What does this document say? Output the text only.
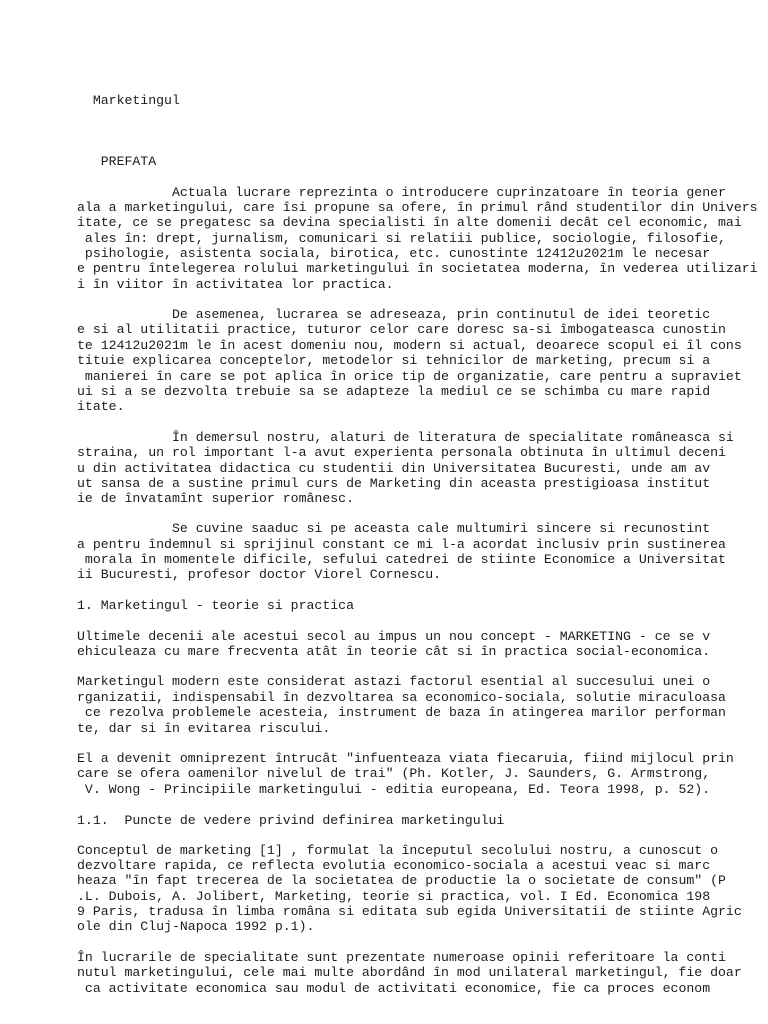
Marketingul

PREFATA

Actuala lucrare reprezinta o introducere cuprinzatoare în teoria gener

ala a marketingului, care îsi propune sa ofere, în primul rând studentilor din Univers

itate, ce se pregatesc sa devina specialisti în alte domenii decât cel economic, mai

ales în: drept, jurnalism, comunicari si relatiii publice, sociologie, filosofie,

psihologie, asistenta sociala, birotica, etc. cunostinte 12412u2021m le necesar

e pentru întelegerea rolului marketingului în societatea moderna, în vederea utilizari

i în viitor în activitatea lor practica.

De asemenea, lucrarea se adreseaza, prin continutul de idei teoretic

e si al utilitatii practice, tuturor celor care doresc sa-si îmbogateasca cunostin

te 12412u2021m le în acest domeniu nou, modern si actual, deoarece scopul ei îl cons

tituie explicarea conceptelor, metodelor si tehnicilor de marketing, precum si a

manierei în care se pot aplica în orice tip de organizatie, care pentru a supraviet

ui si a se dezvolta trebuie sa se adapteze la mediul ce se schimba cu mare rapid

itate.

În demersul nostru, alaturi de literatura de specialitate româneasca si

straina, un rol important l-a avut experienta personala obtinuta în ultimul deceni

u din activitatea didactica cu studentii din Universitatea Bucuresti, unde am av

ut sansa de a sustine primul curs de Marketing din aceasta prestigioasa institut

ie de învatamînt superior românesc.

Se cuvine saaduc si pe aceasta cale multumiri sincere si recunostint

a pentru îndemnul si sprijinul constant ce mi l-a acordat inclusiv prin sustinerea

morala în momentele dificile, sefului catedrei de stiinte Economice a Universitat

ii Bucuresti, profesor doctor Viorel Cornescu.

1. Marketingul - teorie si practica

Ultimele decenii ale acestui secol au impus un nou concept - MARKETING - ce se v

ehiculeaza cu mare frecventa atât în teorie cât si în practica social-economica.

Marketingul modern este considerat astazi factorul esential al succesului unei o

rganizatii, indispensabil în dezvoltarea sa economico-sociala, solutie miraculoasa

ce rezolva problemele acesteia, instrument de baza în atingerea marilor performan

te, dar si în evitarea riscului.

El a devenit omniprezent întrucât "infuenteaza viata fiecaruia, fiind mijlocul prin

care se ofera oamenilor nivelul de trai" (Ph. Kotler, J. Saunders, G. Armstrong,

V. Wong - Principiile marketingului - editia europeana, Ed. Teora 1998, p. 52).

1.1.  Puncte de vedere privind definirea marketingului

Conceptul de marketing [1] , formulat la începutul secolului nostru, a cunoscut o

dezvoltare rapida, ce reflecta evolutia economico-sociala a acestui veac si marc

heaza "în fapt trecerea de la societatea de productie la o societate de consum" (P

.L. Dubois, A. Jolibert, Marketing, teorie si practica, vol. I Ed. Economica 198

9 Paris, tradusa în limba româna si editata sub egida Universitatii de stiinte Agric

ole din Cluj-Napoca 1992 p.1).

În lucrarile de specialitate sunt prezentate numeroase opinii referitoare la conti

nutul marketingului, cele mai multe abordând în mod unilateral marketingul, fie doar

ca activitate economica sau modul de activitati economice, fie ca proces econom
